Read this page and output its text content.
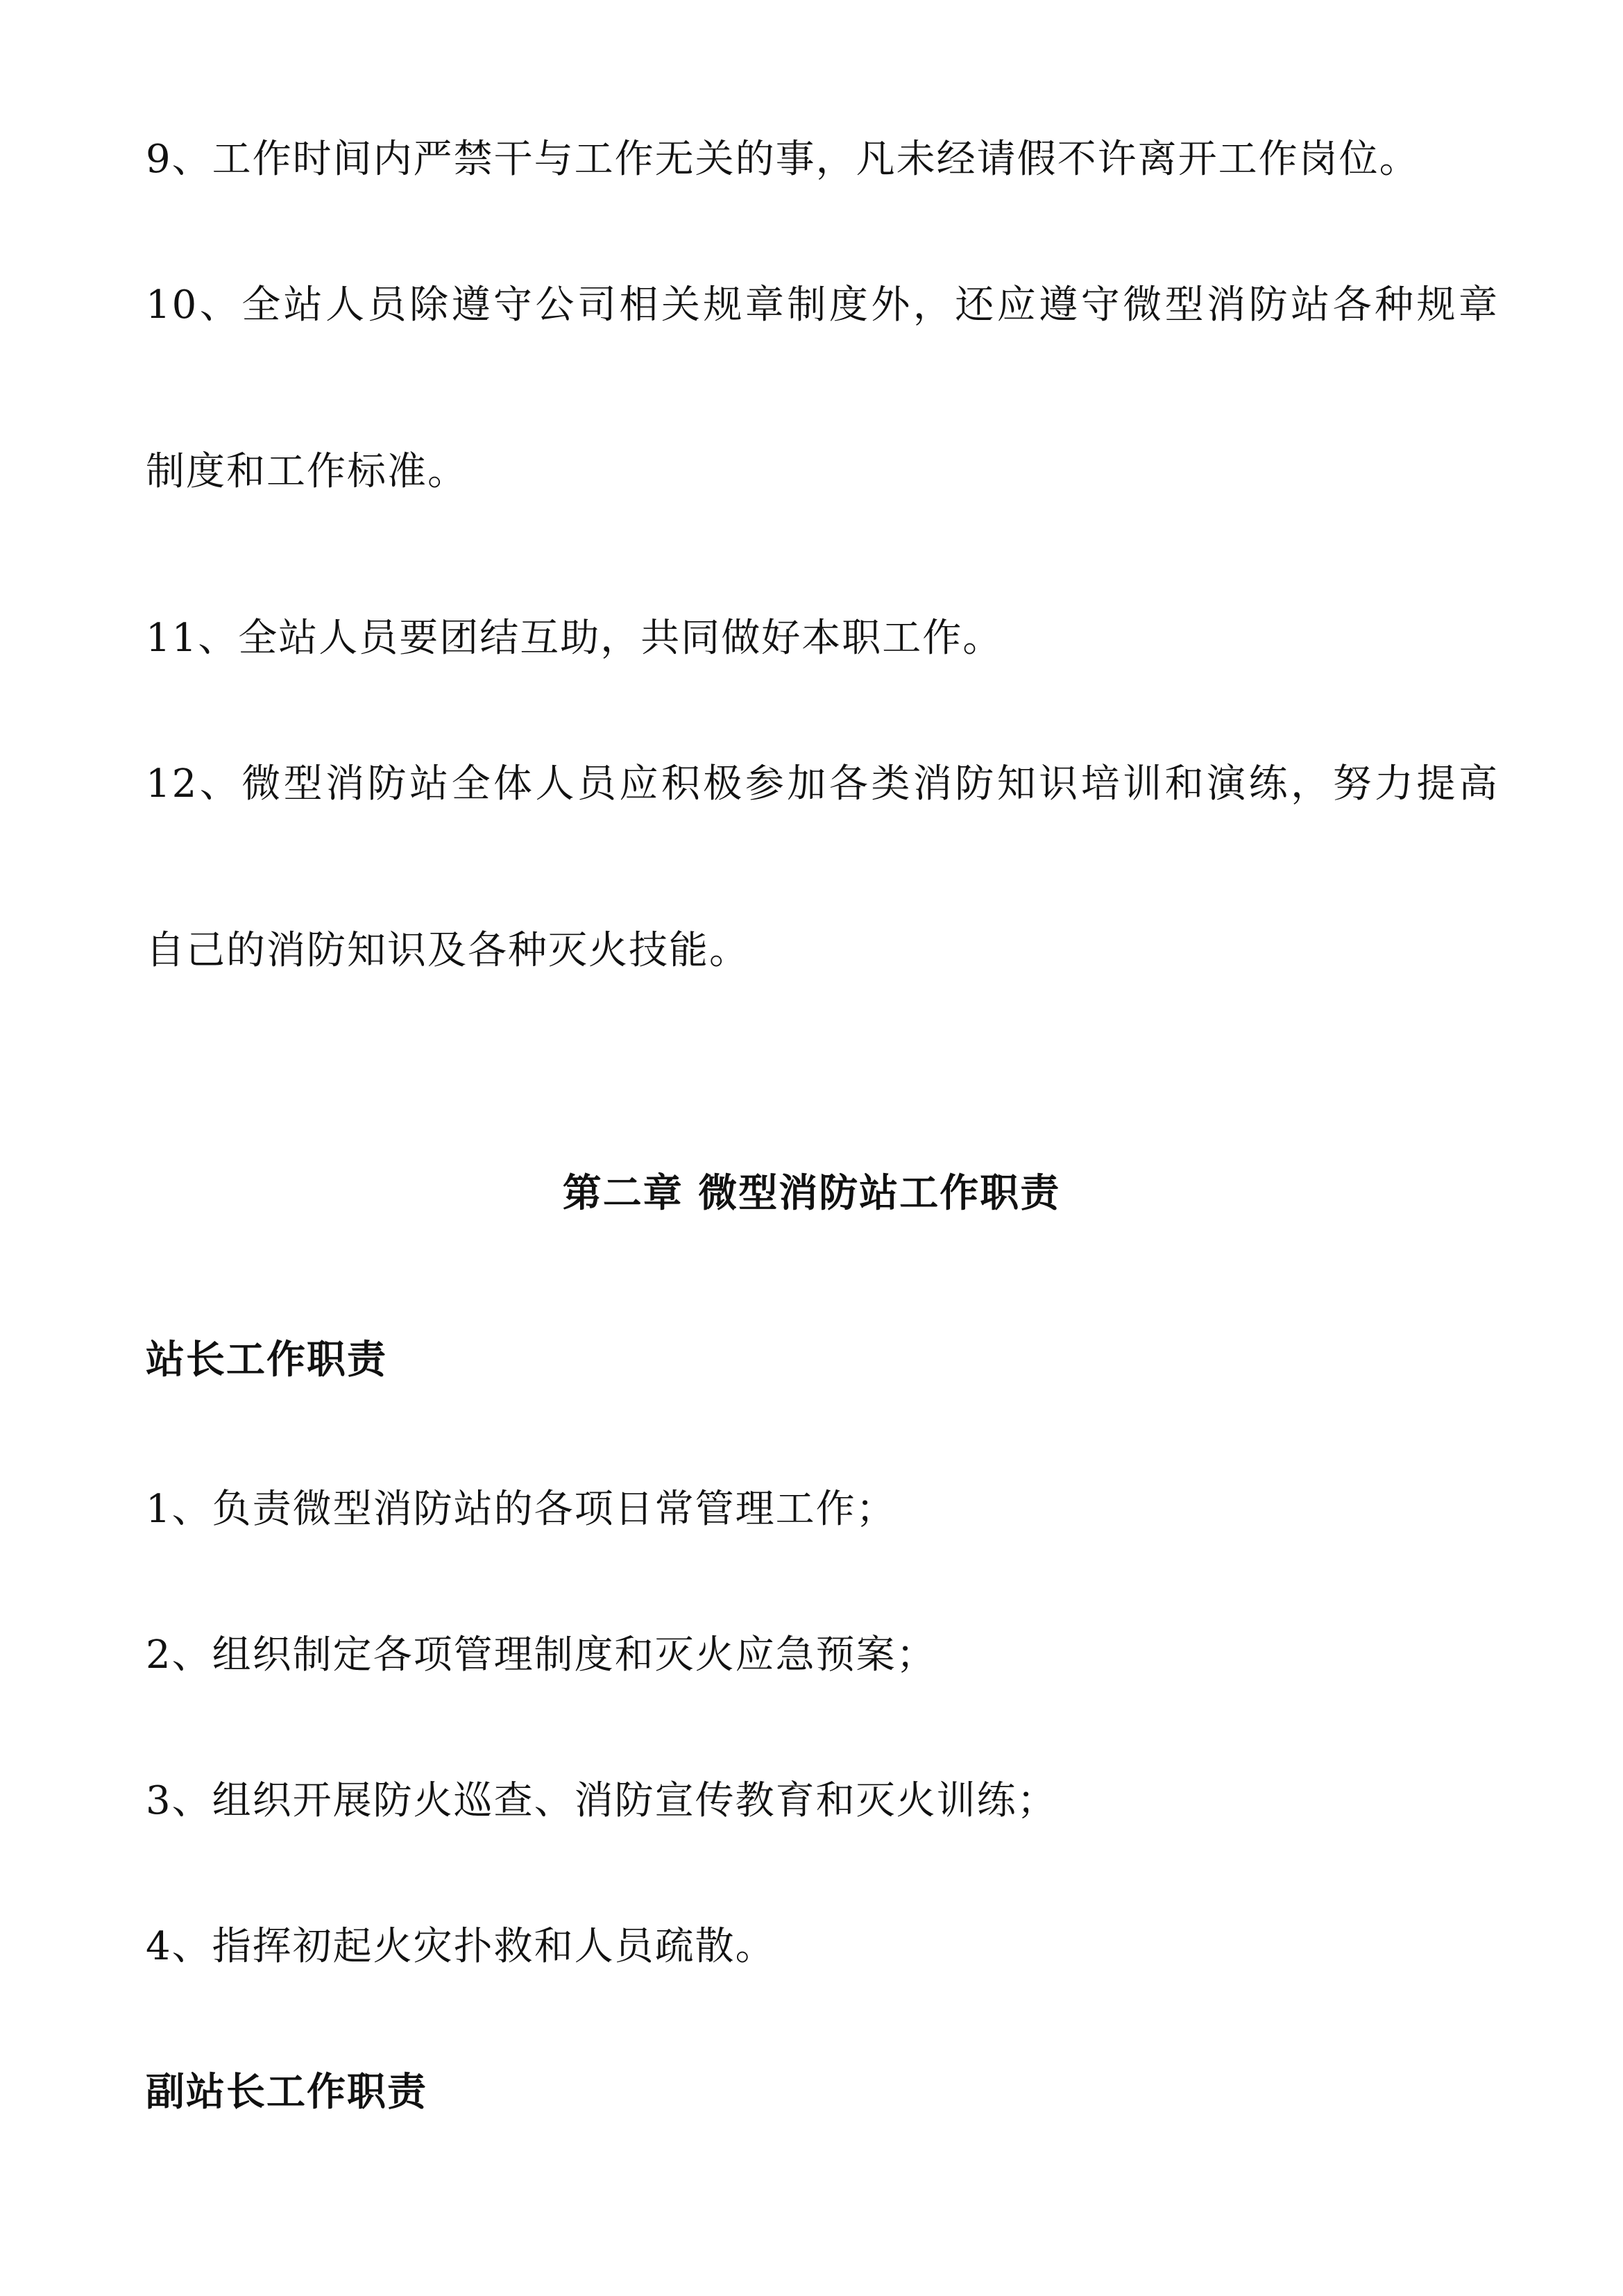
9、工作时间内严禁干与工作无关的事，凡未经请假不许离开工作岗位。
10、全站人员除遵守公司相关规章制度外，还应遵守微型消防站各种规章
制度和工作标准。
11、全站人员要团结互助，共同做好本职工作。
12、微型消防站全体人员应积极参加各类消防知识培训和演练，努力提高
自己的消防知识及各种灭火技能。
第二章 微型消防站工作职责
站长工作职责
1、负责微型消防站的各项日常管理工作；
2、组织制定各项管理制度和灭火应急预案；
3、组织开展防火巡查、消防宣传教育和灭火训练；
4、指挥初起火灾扑救和人员疏散。
副站长工作职责
